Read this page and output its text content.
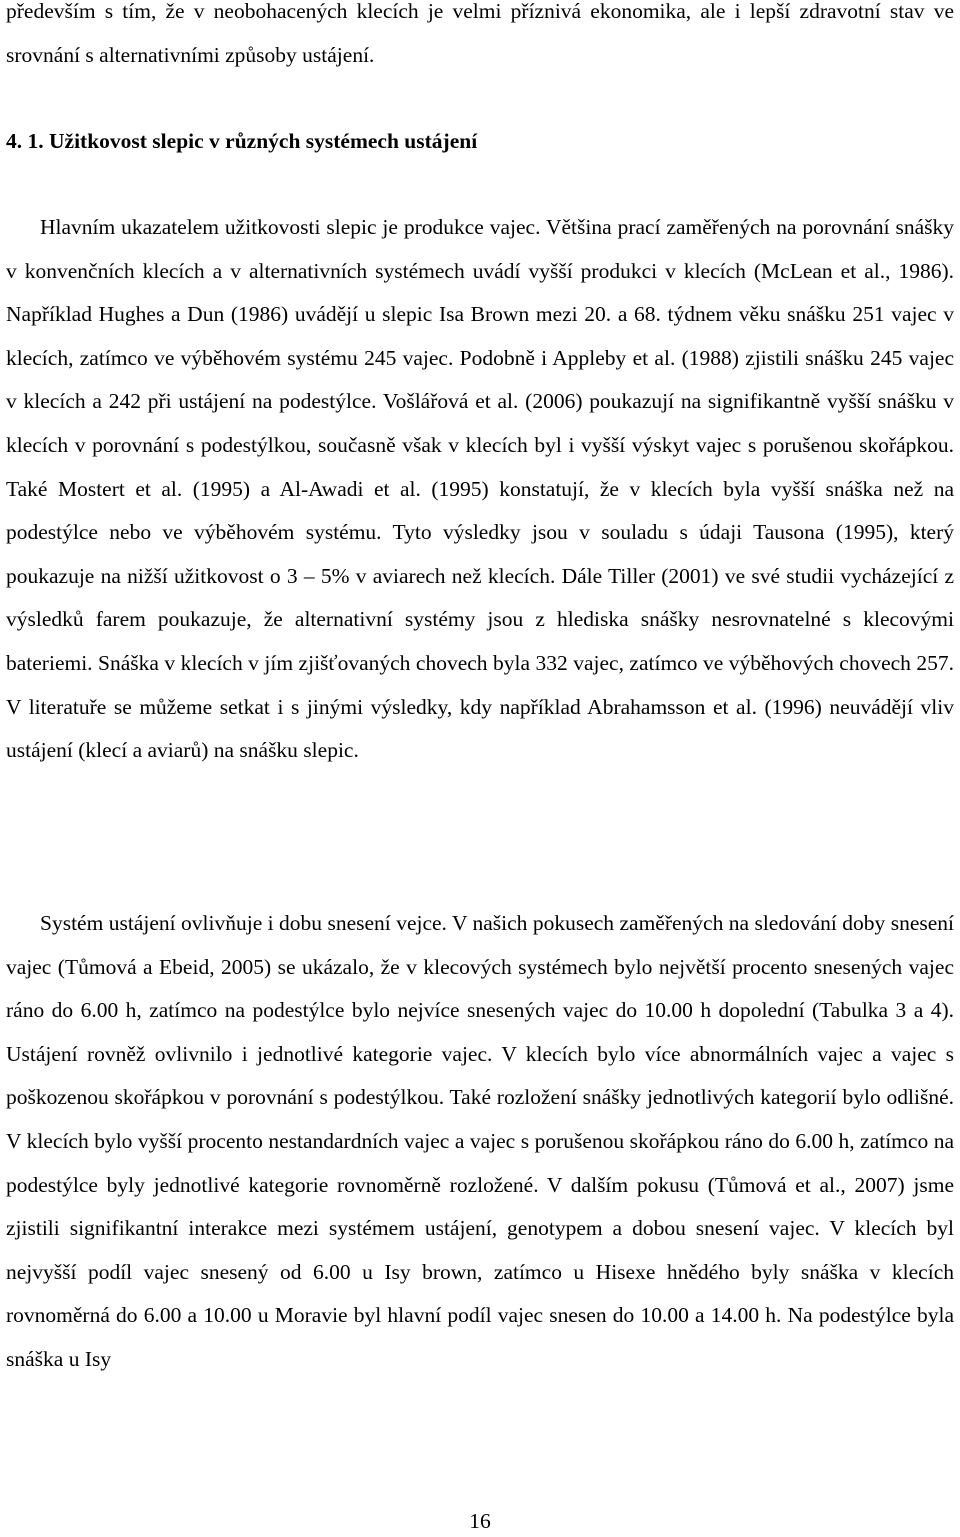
především s tím, že v neobohacených klecích je velmi příznivá ekonomika, ale i lepší zdravotní stav ve srovnání s alternativními způsoby ustájení.

4. 1. Užitkovost slepic v různých systémech ustájení

Hlavním ukazatelem užitkovosti slepic je produkce vajec. Většina prací zaměřených na porovnání snášky v konvenčních klecích a v alternativních systémech uvádí vyšší produkci v klecích (McLean et al., 1986). Například Hughes a Dun (1986) uvádějí u slepic Isa Brown mezi 20. a 68. týdnem věku snášku 251 vajec v klecích, zatímco ve výběhovém systému 245 vajec. Podobně i Appleby et al. (1988) zjistili snášku 245 vajec v klecích a 242 při ustájení na podestýlce. Vošlářová et al. (2006) poukazují na signifikantně vyšší snášku v klecích v porovnání s podestýlkou, současně však v klecích byl i vyšší výskyt vajec s porušenou skořápkou. Také Mostert et al. (1995) a Al-Awadi et al. (1995) konstatují, že v klecích byla vyšší snáška než na podestýlce nebo ve výběhovém systému. Tyto výsledky jsou v souladu s údaji Tausona (1995), který poukazuje na nižší užitkovost o 3 – 5% v aviarech než klecích. Dále Tiller (2001) ve své studii vycházející z výsledků farem poukazuje, že alternativní systémy jsou z hlediska snášky nesrovnatelné s klecovými bateriemi. Snáška v klecích v jím zjišťovaných chovech byla 332 vajec, zatímco ve výběhových chovech 257. V literatuře se můžeme setkat i s jinými výsledky, kdy například Abrahamsson et al. (1996) neuvádějí vliv ustájení (klecí a aviarů) na snášku slepic.

Systém ustájení ovlivňuje i dobu snesení vejce. V našich pokusech zaměřených na sledování doby snesení vajec (Tůmová a Ebeid, 2005) se ukázalo, že v klecových systémech bylo největší procento snesených vajec ráno do 6.00 h, zatímco na podestýlce bylo nejvíce snesených vajec do 10.00 h dopolední (Tabulka 3 a 4). Ustájení rovněž ovlivnilo i jednotlivé kategorie vajec. V klecích bylo více abnormálních vajec a vajec s poškozenou skořápkou v porovnání s podestýlkou. Také rozložení snášky jednotlivých kategorií bylo odlišné. V klecích bylo vyšší procento nestandardních vajec a vajec s porušenou skořápkou ráno do 6.00 h, zatímco na podestýlce byly jednotlivé kategorie rovnoměrně rozložené. V dalším pokusu (Tůmová et al., 2007) jsme zjistili signifikantní interakce mezi systémem ustájení, genotypem a dobou snesení vajec. V klecích byl nejvyšší podíl vajec snesený od 6.00 u Isy brown, zatímco u Hisexe hnědého byly snáška v klecích rovnoměrná do 6.00 a 10.00 u Moravie byl hlavní podíl vajec snesen do 10.00 a 14.00 h. Na podestýlce byla snáška u Isy

16
